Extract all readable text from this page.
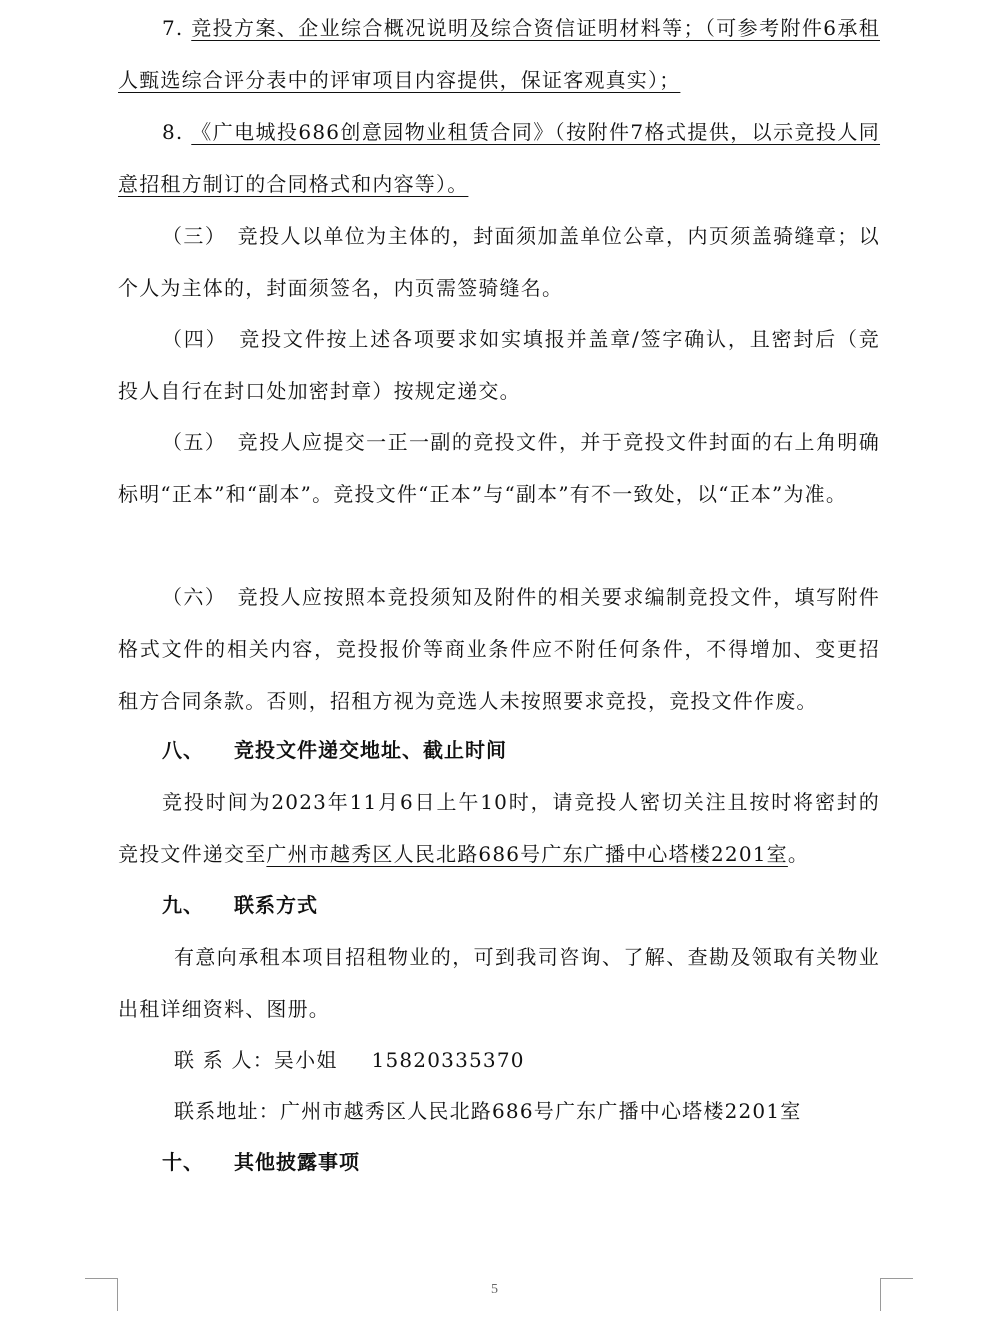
7. 竞投方案、企业综合概况说明及综合资信证明材料等；（可参考附件6承租人甄选综合评分表中的评审项目内容提供，保证客观真实）；

8. 《广电城投686创意园物业租赁合同》（按附件7格式提供，以示竞投人同意招租方制订的合同格式和内容等）。

（三）　竞投人以单位为主体的，封面须加盖单位公章，内页须盖骑缝章；以个人为主体的，封面须签名，内页需签骑缝名。

（四）　竞投文件按上述各项要求如实填报并盖章/签字确认，且密封后（竞投人自行在封口处加密封章）按规定递交。

（五）　竞投人应提交一正一副的竞投文件，并于竞投文件封面的右上角明确标明“正本”和“副本”。竞投文件“正本”与“副本”有不一致处，以“正本”为准。

（六）　竞投人应按照本竞投须知及附件的相关要求编制竞投文件，填写附件格式文件的相关内容，竞投报价等商业条件应不附任何条件，不得增加、变更招租方合同条款。否则，招租方视为竞选人未按照要求竞投，竞投文件作废。

八、 竞投文件递交地址、截止时间

竞投时间为2023年11月6日上午10时，请竞投人密切关注且按时将密封的竞投文件递交至广州市越秀区人民北路686号广东广播中心塔楼2201室。

九、 联系方式

有意向承租本项目招租物业的，可到我司咨询、了解、查勘及领取有关物业出租详细资料、图册。

联 系 人：吴小姐 15820335370
联系地址：广州市越秀区人民北路686号广东广播中心塔楼2201室
十、 其他披露事项
5
